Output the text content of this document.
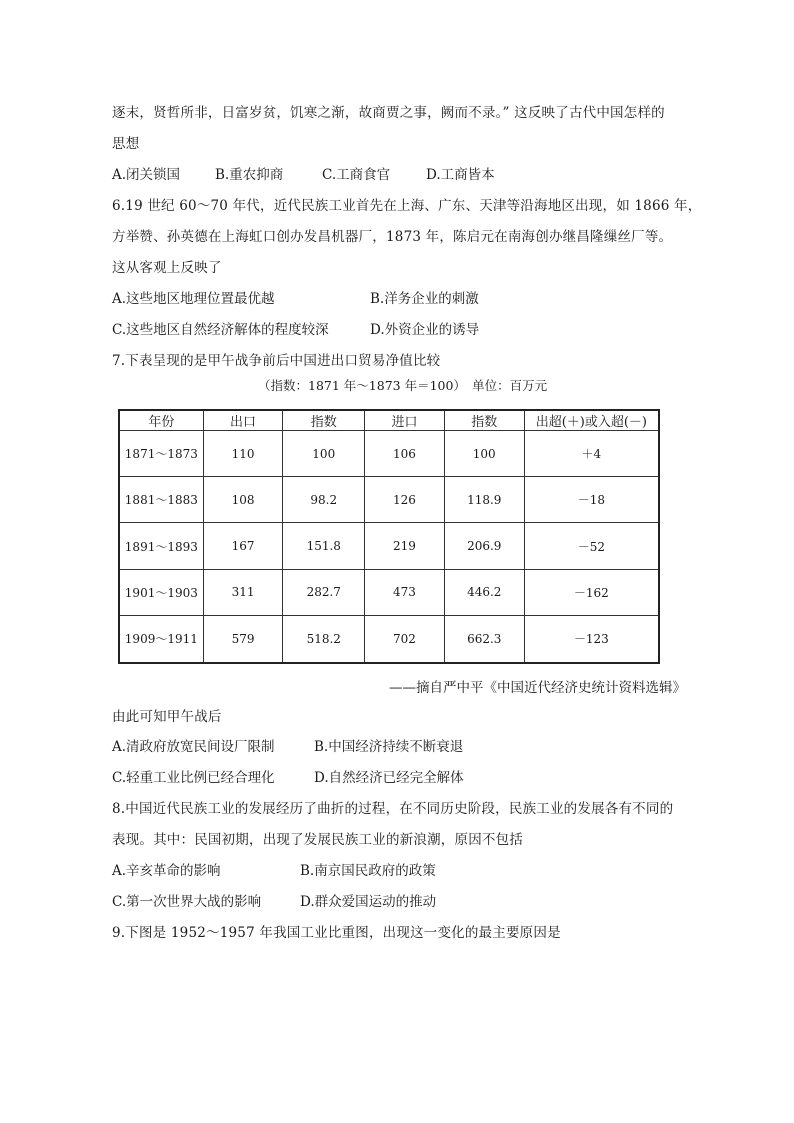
逐末，贤哲所非，日富岁贫，饥寒之渐，故商贾之事，阙而不录。” 这反映了古代中国怎样的
思想
A.闭关锁国	B.重农抑商	C.工商食官	D.工商皆本
6.19 世纪 60～70 年代，近代民族工业首先在上海、广东、天津等沿海地区出现，如 1866 年，
方举赞、孙英德在上海虹口创办发昌机器厂，1873 年，陈启元在南海创办继昌隆缫丝厂等。
这从客观上反映了
A.这些地区地理位置最优越	B.洋务企业的刺激
C.这些地区自然经济解体的程度较深	D.外资企业的诱导
7.下表呈现的是甲午战争前后中国进出口贸易净值比较
（指数：1871 年～1873 年＝100）　单位：百万元
年份	出口	指数	进口	指数	出超(＋)或入超(－)
1871～1873	110	100	106	100	＋4
1881～1883	108	98.2	126	118.9	－18
1891～1893	167	151.8	219	206.9	－52
1901～1903	311	282.7	473	446.2	－162
1909～1911	579	518.2	702	662.3	－123
——摘自严中平《中国近代经济史统计资料选辑》
由此可知甲午战后
A.清政府放宽民间设厂限制	B.中国经济持续不断衰退
C.轻重工业比例已经合理化	D.自然经济已经完全解体
8.中国近代民族工业的发展经历了曲折的过程，在不同历史阶段，民族工业的发展各有不同的
表现。其中：民国初期，出现了发展民族工业的新浪潮，原因不包括
A.辛亥革命的影响	B.南京国民政府的政策
C.第一次世界大战的影响	D.群众爱国运动的推动
9.下图是 1952～1957 年我国工业比重图，出现这一变化的最主要原因是
